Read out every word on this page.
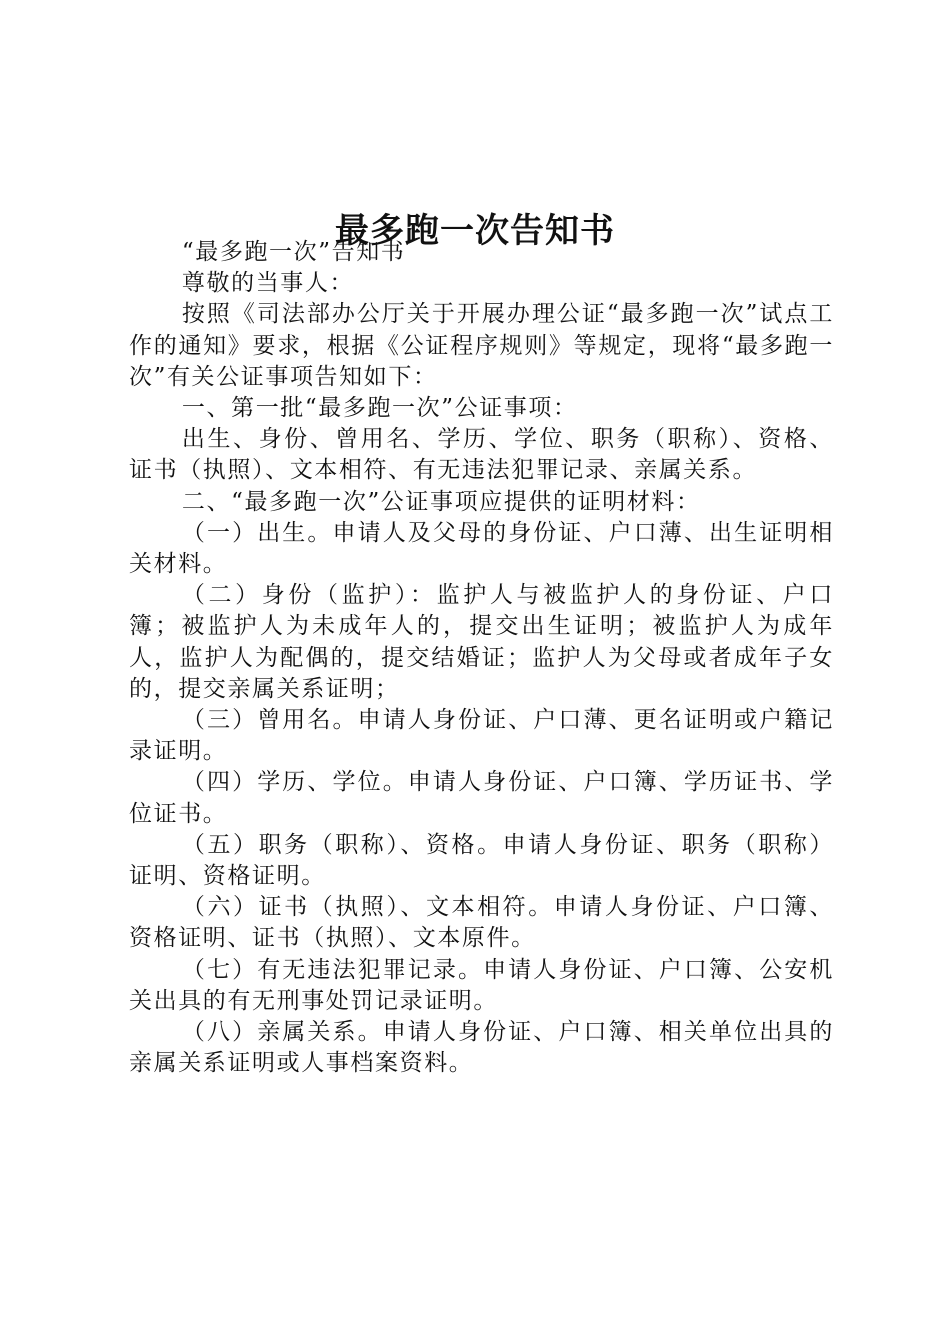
最多跑一次告知书

“最多跑一次”告知书

尊敬的当事人：

按照《司法部办公厅关于开展办理公证“最多跑一次”试点工作的通知》要求，根据《公证程序规则》等规定，现将“最多跑一次”有关公证事项告知如下：

一、第一批“最多跑一次”公证事项：

出生、身份、曾用名、学历、学位、职务（职称）、资格、证书（执照）、文本相符、有无违法犯罪记录、亲属关系。

二、“最多跑一次”公证事项应提供的证明材料：

（一）出生。申请人及父母的身份证、户口薄、出生证明相关材料。

（二）身份（监护）：监护人与被监护人的身份证、户口簿；被监护人为未成年人的，提交出生证明；被监护人为成年人，监护人为配偶的，提交结婚证；监护人为父母或者成年子女的，提交亲属关系证明；

（三）曾用名。申请人身份证、户口薄、更名证明或户籍记录证明。

（四）学历、学位。申请人身份证、户口簿、学历证书、学位证书。

（五）职务（职称）、资格。申请人身份证、职务（职称）证明、资格证明。

（六）证书（执照）、文本相符。申请人身份证、户口簿、资格证明、证书（执照）、文本原件。

（七）有无违法犯罪记录。申请人身份证、户口簿、公安机关出具的有无刑事处罚记录证明。

（八）亲属关系。申请人身份证、户口簿、相关单位出具的亲属关系证明或人事档案资料。
